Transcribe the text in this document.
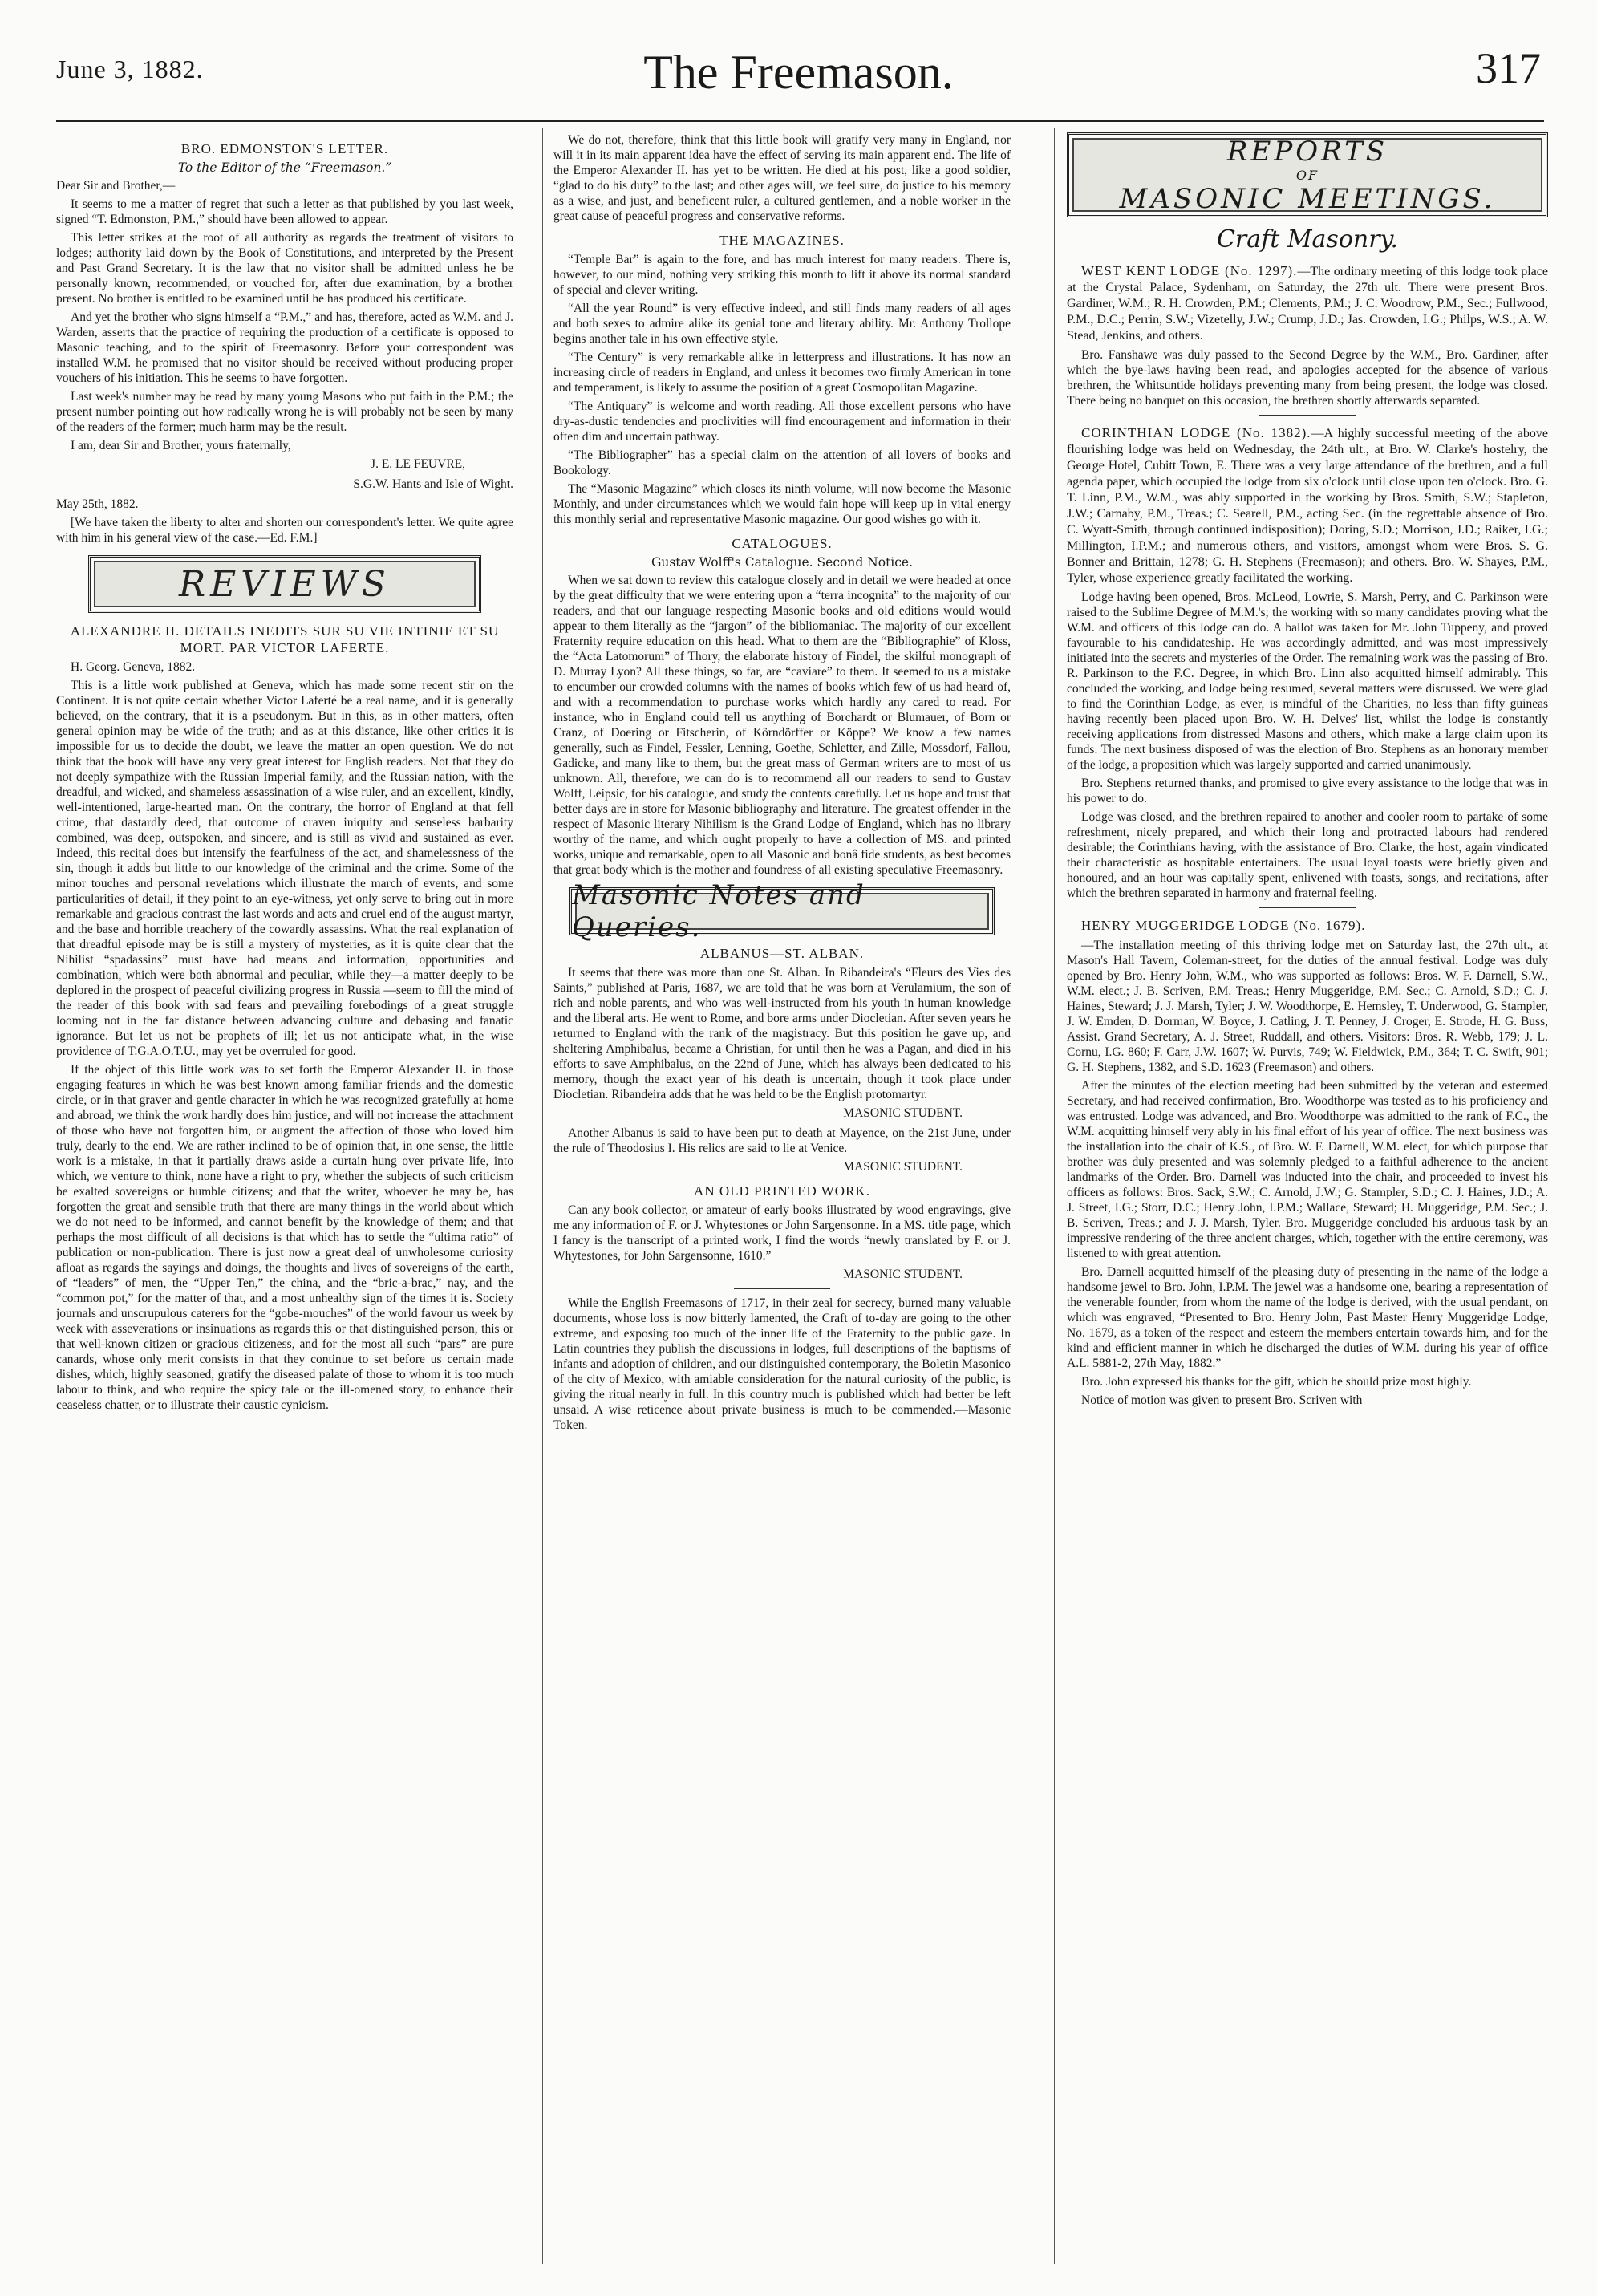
June 3, 1882.	The Freemason.	317
BRO. EDMONSTON'S LETTER.
To the Editor of the “Freemason.”

Dear Sir and Brother,—

It seems to me a matter of regret that such a letter as that published by you last week, signed “T. Edmonston, P.M.,” should have been allowed to appear.

This letter strikes at the root of all authority as regards the treatment of visitors to lodges; authority laid down by the Book of Constitutions, and interpreted by the Present and Past Grand Secretary. It is the law that no visitor shall be admitted unless he be personally known, recommended, or vouched for, after due examination, by a brother present. No brother is entitled to be examined until he has produced his certificate.

And yet the brother who signs himself a “P.M.,” and has, therefore, acted as W.M. and J. Warden, asserts that the practice of requiring the production of a certificate is opposed to Masonic teaching, and to the spirit of Freemasonry. Before your correspondent was installed W.M. he promised that no visitor should be received without producing proper vouchers of his initiation. This he seems to have forgotten.

Last week's number may be read by many young Masons who put faith in the P.M.; the present number pointing out how radically wrong he is will probably not be seen by many of the readers of the former; much harm may be the result.

I am, dear Sir and Brother, yours fraternally,

J. E. LE FEUVRE,
S.G.W. Hants and Isle of Wight.

May 25th, 1882.

[We have taken the liberty to alter and shorten our correspondent's letter. We quite agree with him in his general view of the case.—Ed. F.M.]

REVIEWS
ALEXANDRE II. DETAILS INEDITS SUR SU VIE INTINIE ET SU MORT. PAR VICTOR LAFERTE.

H. Georg. Geneva, 1882.

This is a little work published at Geneva, which has made some recent stir on the Continent. It is not quite certain whether Victor Laferté be a real name, and it is generally believed, on the contrary, that it is a pseudonym. But in this, as in other matters, often general opinion may be wide of the truth; and as at this distance, like other critics it is impossible for us to decide the doubt, we leave the matter an open question. We do not think that the book will have any very great interest for English readers. Not that they do not deeply sympathize with the Russian Imperial family, and the Russian nation, with the dreadful, and wicked, and shameless assassination of a wise ruler, and an excellent, kindly, well-intentioned, large-hearted man. On the contrary, the horror of England at that fell crime, that dastardly deed, that outcome of craven iniquity and senseless barbarity combined, was deep, outspoken, and sincere, and is still as vivid and sustained as ever. Indeed, this recital does but intensify the fearfulness of the act, and shamelessness of the sin, though it adds but little to our knowledge of the criminal and the crime. Some of the minor touches and personal revelations which illustrate the march of events, and some particularities of detail, if they point to an eye-witness, yet only serve to bring out in more remarkable and gracious contrast the last words and acts and cruel end of the august martyr, and the base and horrible treachery of the cowardly assassins. What the real explanation of that dreadful episode may be is still a mystery of mysteries, as it is quite clear that the Nihilist “spadassins” must have had means and information, opportunities and combination, which were both abnormal and peculiar, while they—a matter deeply to be deplored in the prospect of peaceful civilizing progress in Russia —seem to fill the mind of the reader of this book with sad fears and prevailing forebodings of a great struggle looming not in the far distance between advancing culture and debasing and fanatic ignorance. But let us not be prophets of ill; let us not anticipate what, in the wise providence of T.G.A.O.T.U., may yet be overruled for good.

If the object of this little work was to set forth the Emperor Alexander II. in those engaging features in which he was best known among familiar friends and the domestic circle, or in that graver and gentle character in which he was recognized gratefully at home and abroad, we think the work hardly does him justice, and will not increase the attachment of those who have not forgotten him, or augment the affection of those who loved him truly, dearly to the end. We are rather inclined to be of opinion that, in one sense, the little work is a mistake, in that it partially draws aside a curtain hung over private life, into which, we venture to think, none have a right to pry, whether the subjects of such criticism be exalted sovereigns or humble citizens; and that the writer, whoever he may be, has forgotten the great and sensible truth that there are many things in the world about which we do not need to be informed, and cannot benefit by the knowledge of them; and that perhaps the most difficult of all decisions is that which has to settle the “ultima ratio” of publication or non-publication. There is just now a great deal of unwholesome curiosity afloat as regards the sayings and doings, the thoughts and lives of sovereigns of the earth, of “leaders” of men, the “Upper Ten,” the china, and the “bric-a-brac,” nay, and the “common pot,” for the matter of that, and a most unhealthy sign of the times it is. Society journals and unscrupulous caterers for the “gobe-mouches” of the world favour us week by week with asseverations or insinuations as regards this or that distinguished person, this or that well-known citizen or gracious citizeness, and for the most all such “pars” are pure canards, whose only merit consists in that they continue to set before us certain made dishes, which, highly seasoned, gratify the diseased palate of those to whom it is too much labour to think, and who require the spicy tale or the ill-omened story, to enhance their ceaseless chatter, or to illustrate their caustic cynicism.

We do not, therefore, think that this little book will gratify very many in England, nor will it in its main apparent idea have the effect of serving its main apparent end. The life of the Emperor Alexander II. has yet to be written. He died at his post, like a good soldier, “glad to do his duty” to the last; and other ages will, we feel sure, do justice to his memory as a wise, and just, and beneficent ruler, a cultured gentlemen, and a noble worker in the great cause of peaceful progress and conservative reforms.

THE MAGAZINES.

“Temple Bar” is again to the fore, and has much interest for many readers. There is, however, to our mind, nothing very striking this month to lift it above its normal standard of special and clever writing.

“All the year Round” is very effective indeed, and still finds many readers of all ages and both sexes to admire alike its genial tone and literary ability. Mr. Anthony Trollope begins another tale in his own effective style.

“The Century” is very remarkable alike in letterpress and illustrations. It has now an increasing circle of readers in England, and unless it becomes two firmly American in tone and temperament, is likely to assume the position of a great Cosmopolitan Magazine.

“The Antiquary” is welcome and worth reading. All those excellent persons who have dry-as-dustic tendencies and proclivities will find encouragement and information in their often dim and uncertain pathway.

“The Bibliographer” has a special claim on the attention of all lovers of books and Bookology.

The “Masonic Magazine” which closes its ninth volume, will now become the Masonic Monthly, and under circumstances which we would fain hope will keep up in vital energy this monthly serial and representative Masonic magazine. Our good wishes go with it.

CATALOGUES.
Gustav Wolff's Catalogue. Second Notice.

When we sat down to review this catalogue closely and in detail we were headed at once by the great difficulty that we were entering upon a “terra incognita” to the majority of our readers, and that our language respecting Masonic books and old editions would would appear to them literally as the “jargon” of the bibliomaniac. The majority of our excellent Fraternity require education on this head. What to them are the “Bibliographie” of Kloss, the “Acta Latomorum” of Thory, the elaborate history of Findel, the skilful monograph of D. Murray Lyon? All these things, so far, are “caviare” to them. It seemed to us a mistake to encumber our crowded columns with the names of books which few of us had heard of, and with a recommendation to purchase works which hardly any cared to read. For instance, who in England could tell us anything of Borchardt or Blumauer, of Born or Cranz, of Doering or Fitscherin, of Körndörffer or Köppe? We know a few names generally, such as Findel, Fessler, Lenning, Goethe, Schletter, and Zille, Mossdorf, Fallou, Gadicke, and many like to them, but the great mass of German writers are to most of us unknown. All, therefore, we can do is to recommend all our readers to send to Gustav Wolff, Leipsic, for his catalogue, and study the contents carefully. Let us hope and trust that better days are in store for Masonic bibliography and literature. The greatest offender in the respect of Masonic literary Nihilism is the Grand Lodge of England, which has no library worthy of the name, and which ought properly to have a collection of MS. and printed works, unique and remarkable, open to all Masonic and bonâ fide students, as best becomes that great body which is the mother and foundress of all existing speculative Freemasonry.

Masonic Notes and Queries.
ALBANUS—ST. ALBAN.

It seems that there was more than one St. Alban. In Ribandeira's “Fleurs des Vies des Saints,” published at Paris, 1687, we are told that he was born at Verulamium, the son of rich and noble parents, and who was well-instructed from his youth in human knowledge and the liberal arts. He went to Rome, and bore arms under Diocletian. After seven years he returned to England with the rank of the magistracy. But this position he gave up, and sheltering Amphibalus, became a Christian, for until then he was a Pagan, and died in his efforts to save Amphibalus, on the 22nd of June, which has always been dedicated to his memory, though the exact year of his death is uncertain, though it took place under Diocletian. Ribandeira adds that he was held to be the English protomartyr.

MASONIC STUDENT.

Another Albanus is said to have been put to death at Mayence, on the 21st June, under the rule of Theodosius I. His relics are said to lie at Venice.

MASONIC STUDENT.
AN OLD PRINTED WORK.

Can any book collector, or amateur of early books illustrated by wood engravings, give me any information of F. or J. Whytestones or John Sargensonne. In a MS. title page, which I fancy is the transcript of a printed work, I find the words “newly translated by F. or J. Whytestones, for John Sargensonne, 1610.”

MASONIC STUDENT.

While the English Freemasons of 1717, in their zeal for secrecy, burned many valuable documents, whose loss is now bitterly lamented, the Craft of to-day are going to the other extreme, and exposing too much of the inner life of the Fraternity to the public gaze. In Latin countries they publish the discussions in lodges, full descriptions of the baptisms of infants and adoption of children, and our distinguished contemporary, the Boletin Masonico of the city of Mexico, with amiable consideration for the natural curiosity of the public, is giving the ritual nearly in full. In this country much is published which had better be left unsaid. A wise reticence about private business is much to be commended.—Masonic Token.

REPORTS
OF
MASONIC MEETINGS.
Craft Masonry.
WEST KENT LODGE (No. 1297).—The ordinary meeting of this lodge took place at the Crystal Palace, Sydenham, on Saturday, the 27th ult. There were present Bros. Gardiner, W.M.; R. H. Crowden, P.M.; Clements, P.M.; J. C. Woodrow, P.M., Sec.; Fullwood, P.M., D.C.; Perrin, S.W.; Vizetelly, J.W.; Crump, J.D.; Jas. Crowden, I.G.; Philps, W.S.; A. W. Stead, Jenkins, and others.

Bro. Fanshawe was duly passed to the Second Degree by the W.M., Bro. Gardiner, after which the bye-laws having been read, and apologies accepted for the absence of various brethren, the Whitsuntide holidays preventing many from being present, the lodge was closed. There being no banquet on this occasion, the brethren shortly afterwards separated.

CORINTHIAN LODGE (No. 1382).—A highly successful meeting of the above flourishing lodge was held on Wednesday, the 24th ult., at Bro. W. Clarke's hostelry, the George Hotel, Cubitt Town, E. There was a very large attendance of the brethren, and a full agenda paper, which occupied the lodge from six o'clock until close upon ten o'clock. Bro. G. T. Linn, P.M., W.M., was ably supported in the working by Bros. Smith, S.W.; Stapleton, J.W.; Carnaby, P.M., Treas.; C. Searell, P.M., acting Sec. (in the regrettable absence of Bro. C. Wyatt-Smith, through continued indisposition); Doring, S.D.; Morrison, J.D.; Raiker, I.G.; Millington, I.P.M.; and numerous others, and visitors, amongst whom were Bros. S. G. Bonner and Brittain, 1278; G. H. Stephens (Freemason); and others. Bro. W. Shayes, P.M., Tyler, whose experience greatly facilitated the working.

Lodge having been opened, Bros. McLeod, Lowrie, S. Marsh, Perry, and C. Parkinson were raised to the Sublime Degree of M.M.'s; the working with so many candidates proving what the W.M. and officers of this lodge can do. A ballot was taken for Mr. John Tuppeny, and proved favourable to his candidateship. He was accordingly admitted, and was most impressively initiated into the secrets and mysteries of the Order. The remaining work was the passing of Bro. R. Parkinson to the F.C. Degree, in which Bro. Linn also acquitted himself admirably. This concluded the working, and lodge being resumed, several matters were discussed. We were glad to find the Corinthian Lodge, as ever, is mindful of the Charities, no less than fifty guineas having recently been placed upon Bro. W. H. Delves' list, whilst the lodge is constantly receiving applications from distressed Masons and others, which make a large claim upon its funds. The next business disposed of was the election of Bro. Stephens as an honorary member of the lodge, a proposition which was largely supported and carried unanimously.

Bro. Stephens returned thanks, and promised to give every assistance to the lodge that was in his power to do.

Lodge was closed, and the brethren repaired to another and cooler room to partake of some refreshment, nicely prepared, and which their long and protracted labours had rendered desirable; the Corinthians having, with the assistance of Bro. Clarke, the host, again vindicated their characteristic as hospitable entertainers. The usual loyal toasts were briefly given and honoured, and an hour was capitally spent, enlivened with toasts, songs, and recitations, after which the brethren separated in harmony and fraternal feeling.

HENRY MUGGERIDGE LODGE (No. 1679).

—The installation meeting of this thriving lodge met on Saturday last, the 27th ult., at Mason's Hall Tavern, Coleman-street, for the duties of the annual festival. Lodge was duly opened by Bro. Henry John, W.M., who was supported as follows: Bros. W. F. Darnell, S.W., W.M. elect.; J. B. Scriven, P.M. Treas.; Henry Muggeridge, P.M. Sec.; C. Arnold, S.D.; C. J. Haines, Steward; J. J. Marsh, Tyler; J. W. Woodthorpe, E. Hemsley, T. Underwood, G. Stampler, J. W. Emden, D. Dorman, W. Boyce, J. Catling, J. T. Penney, J. Croger, E. Strode, H. G. Buss, Assist. Grand Secretary, A. J. Street, Ruddall, and others. Visitors: Bros. R. Webb, 179; J. L. Cornu, I.G. 860; F. Carr, J.W. 1607; W. Purvis, 749; W. Fieldwick, P.M., 364; T. C. Swift, 901; G. H. Stephens, 1382, and S.D. 1623 (Freemason) and others.

After the minutes of the election meeting had been submitted by the veteran and esteemed Secretary, and had received confirmation, Bro. Woodthorpe was tested as to his proficiency and was entrusted. Lodge was advanced, and Bro. Woodthorpe was admitted to the rank of F.C., the W.M. acquitting himself very ably in his final effort of his year of office. The next business was the installation into the chair of K.S., of Bro. W. F. Darnell, W.M. elect, for which purpose that brother was duly presented and was solemnly pledged to a faithful adherence to the ancient landmarks of the Order. Bro. Darnell was inducted into the chair, and proceeded to invest his officers as follows: Bros. Sack, S.W.; C. Arnold, J.W.; G. Stampler, S.D.; C. J. Haines, J.D.; A. J. Street, I.G.; Storr, D.C.; Henry John, I.P.M.; Wallace, Steward; H. Muggeridge, P.M. Sec.; J. B. Scriven, Treas.; and J. J. Marsh, Tyler. Bro. Muggeridge concluded his arduous task by an impressive rendering of the three ancient charges, which, together with the entire ceremony, was listened to with great attention.

Bro. Darnell acquitted himself of the pleasing duty of presenting in the name of the lodge a handsome jewel to Bro. John, I.P.M. The jewel was a handsome one, bearing a representation of the venerable founder, from whom the name of the lodge is derived, with the usual pendant, on which was engraved, “Presented to Bro. Henry John, Past Master Henry Muggeridge Lodge, No. 1679, as a token of the respect and esteem the members entertain towards him, and for the kind and efficient manner in which he discharged the duties of W.M. during his year of office A.L. 5881-2, 27th May, 1882.”

Bro. John expressed his thanks for the gift, which he should prize most highly.

Notice of motion was given to present Bro. Scriven with
